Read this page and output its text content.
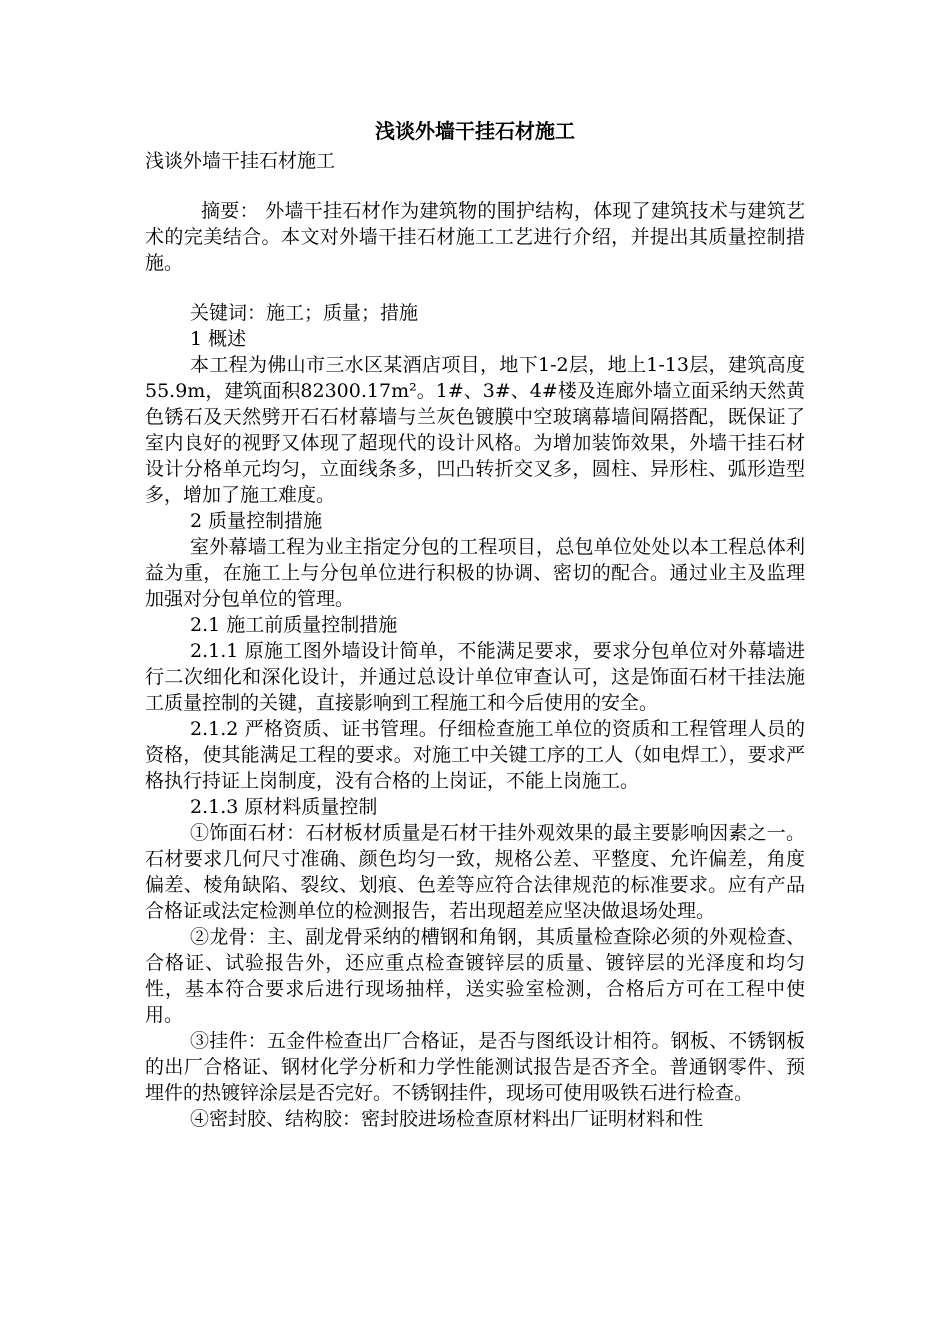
浅谈外墙干挂石材施工
浅谈外墙干挂石材施工
摘要： 外墙干挂石材作为建筑物的围护结构，体现了建筑技术与建筑艺术的完美结合。本文对外墙干挂石材施工工艺进行介绍，并提出其质量控制措施。
关键词：施工；质量；措施
1 概述
本工程为佛山市三水区某酒店项目，地下1-2层，地上1-13层，建筑高度55.9m，建筑面积82300.17m²。1#、3#、4#楼及连廊外墙立面采纳天然黄色锈石及天然劈开石石材幕墙与兰灰色镀膜中空玻璃幕墙间隔搭配，既保证了室内良好的视野又体现了超现代的设计风格。为增加装饰效果，外墙干挂石材设计分格单元均匀，立面线条多，凹凸转折交叉多，圆柱、异形柱、弧形造型多，增加了施工难度。
2 质量控制措施
室外幕墙工程为业主指定分包的工程项目，总包单位处处以本工程总体利益为重，在施工上与分包单位进行积极的协调、密切的配合。通过业主及监理加强对分包单位的管理。
2.1 施工前质量控制措施
2.1.1 原施工图外墙设计简单，不能满足要求，要求分包单位对外幕墙进行二次细化和深化设计，并通过总设计单位审查认可，这是饰面石材干挂法施工质量控制的关键，直接影响到工程施工和今后使用的安全。
2.1.2 严格资质、证书管理。仔细检查施工单位的资质和工程管理人员的资格，使其能满足工程的要求。对施工中关键工序的工人（如电焊工），要求严格执行持证上岗制度，没有合格的上岗证，不能上岗施工。
2.1.3 原材料质量控制
①饰面石材：石材板材质量是石材干挂外观效果的最主要影响因素之一。石材要求几何尺寸准确、颜色均匀一致，规格公差、平整度、允许偏差，角度偏差、棱角缺陷、裂纹、划痕、色差等应符合法律规范的标准要求。应有产品合格证或法定检测单位的检测报告，若出现超差应坚决做退场处理。
②龙骨：主、副龙骨采纳的槽钢和角钢，其质量检查除必须的外观检查、合格证、试验报告外，还应重点检查镀锌层的质量、镀锌层的光泽度和均匀性，基本符合要求后进行现场抽样，送实验室检测，合格后方可在工程中使用。
③挂件：五金件检查出厂合格证，是否与图纸设计相符。钢板、不锈钢板的出厂合格证、钢材化学分析和力学性能测试报告是否齐全。普通钢零件、预埋件的热镀锌涂层是否完好。不锈钢挂件，现场可使用吸铁石进行检查。
④密封胶、结构胶：密封胶进场检查原材料出厂证明材料和性
